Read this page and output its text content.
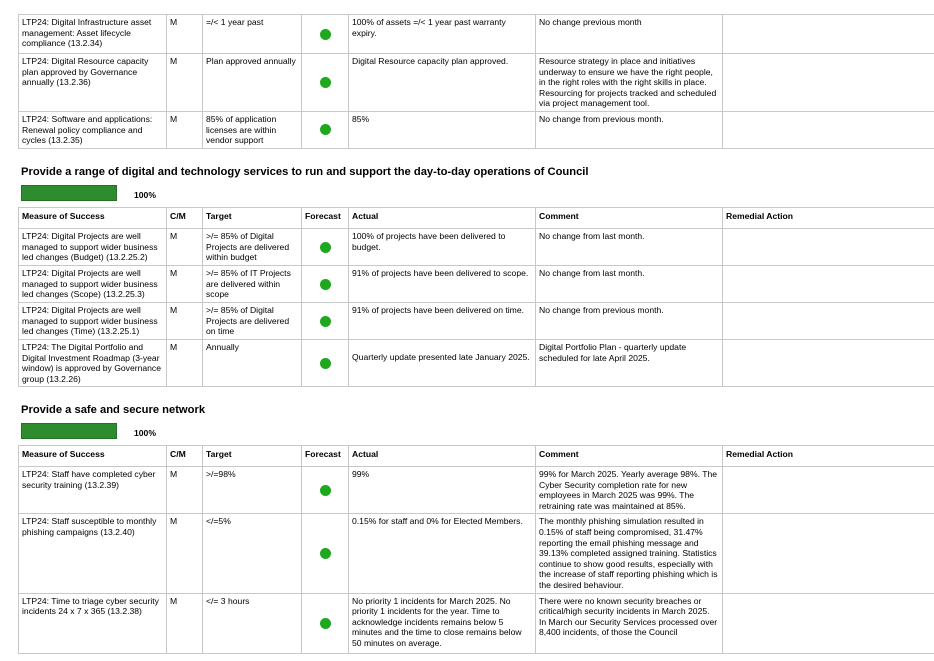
LTP24: Digital Infrastructure asset management: Asset lifecycle compliance (13.2.34)	M	=/< 1 year past		100% of assets =/< 1 year past warranty expiry.	No change previous month	
LTP24: Digital Resource capacity plan approved by Governance annually (13.2.36)	M	Plan approved annually		Digital Resource capacity plan approved.	Resource strategy in place and initiatives underway to ensure we have the right people, in the right roles with the right skills in place. Resourcing for projects tracked and scheduled via project management tool.	
LTP24: Software and applications: Renewal policy compliance and cycles (13.2.35)	M	85% of application licenses are within vendor support		85%	No change from previous month.	
Provide a range of digital and technology services to run and support the day-to-day operations of Council
100%
Measure of Success	C/M	Target	Forecast	Actual	Comment	Remedial Action
LTP24: Digital Projects are well managed to support wider business led changes (Budget) (13.2.25.2)	M	>/= 85% of Digital Projects are delivered within budget		100% of projects have been delivered to budget.	No change from last month.	
LTP24: Digital Projects are well managed to support wider business led changes (Scope) (13.2.25.3)	M	>/= 85% of IT Projects are delivered within scope		91% of projects have been delivered to scope.	No change from last month.	
LTP24: Digital Projects are well managed to support wider business led changes (Time) (13.2.25.1)	M	>/= 85% of Digital Projects are delivered on time		91% of projects have been delivered on time.	No change from previous month.	
LTP24: The Digital Portfolio and Digital Investment Roadmap (3-year window) is approved by Governance group (13.2.26)	M	Annually		Quarterly update presented late January 2025.	Digital Portfolio Plan - quarterly update scheduled for late April 2025.	
Provide a safe and secure network
100%
Measure of Success	C/M	Target	Forecast	Actual	Comment	Remedial Action
LTP24: Staff have completed cyber security training (13.2.39)	M	>/=98%		99%	99% for March 2025. Yearly average 98%. The Cyber Security completion rate for new employees in March 2025 was 99%. The retraining rate was maintained at 85%.	
LTP24: Staff susceptible to monthly phishing campaigns (13.2.40)	M	</=5%		0.15% for staff and 0% for Elected Members.	The monthly phishing simulation resulted in 0.15% of staff being compromised, 31.47% reporting the email phishing message and 39.13% completed assigned training. Statistics continue to show good results, especially with the increase of staff reporting phishing which is the desired behaviour.	
LTP24: Time to triage cyber security incidents 24 x 7 x 365 (13.2.38)	M	</= 3 hours		No priority 1 incidents for March 2025. No priority 1 incidents for the year. Time to acknowledge incidents remains below 5 minutes and the time to close remains below 50 minutes on average.	There were no known security breaches or critical/high security incidents in March 2025. In March our Security Services processed over 8,400 incidents, of those the Council	
